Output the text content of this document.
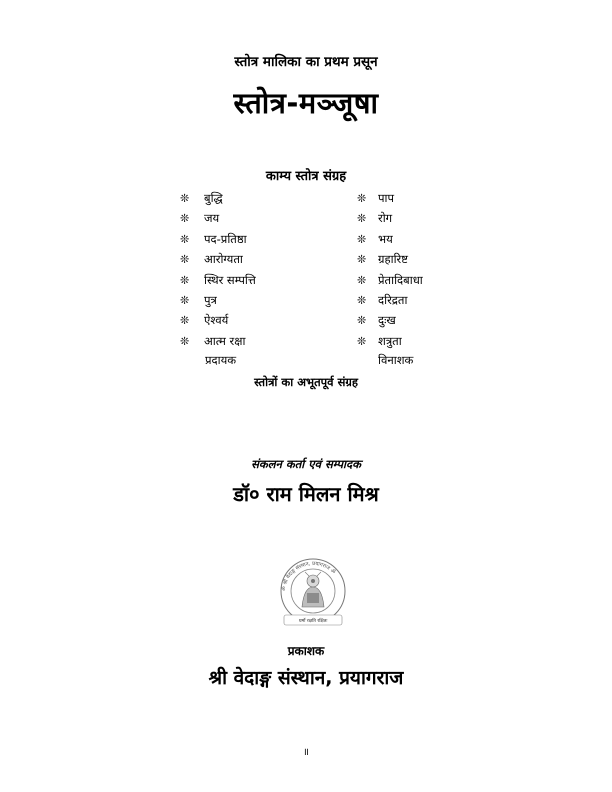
स्तोत्र मालिका का प्रथम प्रसून
स्तोत्र-मञ्जूषा
काम्य स्तोत्र संग्रह
❊ बुद्धि
❊ जय
❊ पद-प्रतिष्ठा
❊ आरोग्यता
❊ स्थिर सम्पत्ति
❊ पुत्र
❊ ऐश्वर्य
❊ आत्म रक्षा
❊ पाप
❊ रोग
❊ भय
❊ ग्रहारिष्ट
❊ प्रेतादिबाधा
❊ दरिद्रता
❊ दुःख
❊ शत्रुता
प्रदायक	विनाशक
स्तोत्रों का अभूतपूर्व संग्रह
संकलन कर्ता एवं सम्पादक
डॉ० राम मिलन मिश्र
ॐ श्री वेदाङ्ग संस्थान, प्रयागराज ॐ
धर्मो रक्षति रक्षितः
प्रकाशक
श्री वेदाङ्ग संस्थान, प्रयागराज
॥
